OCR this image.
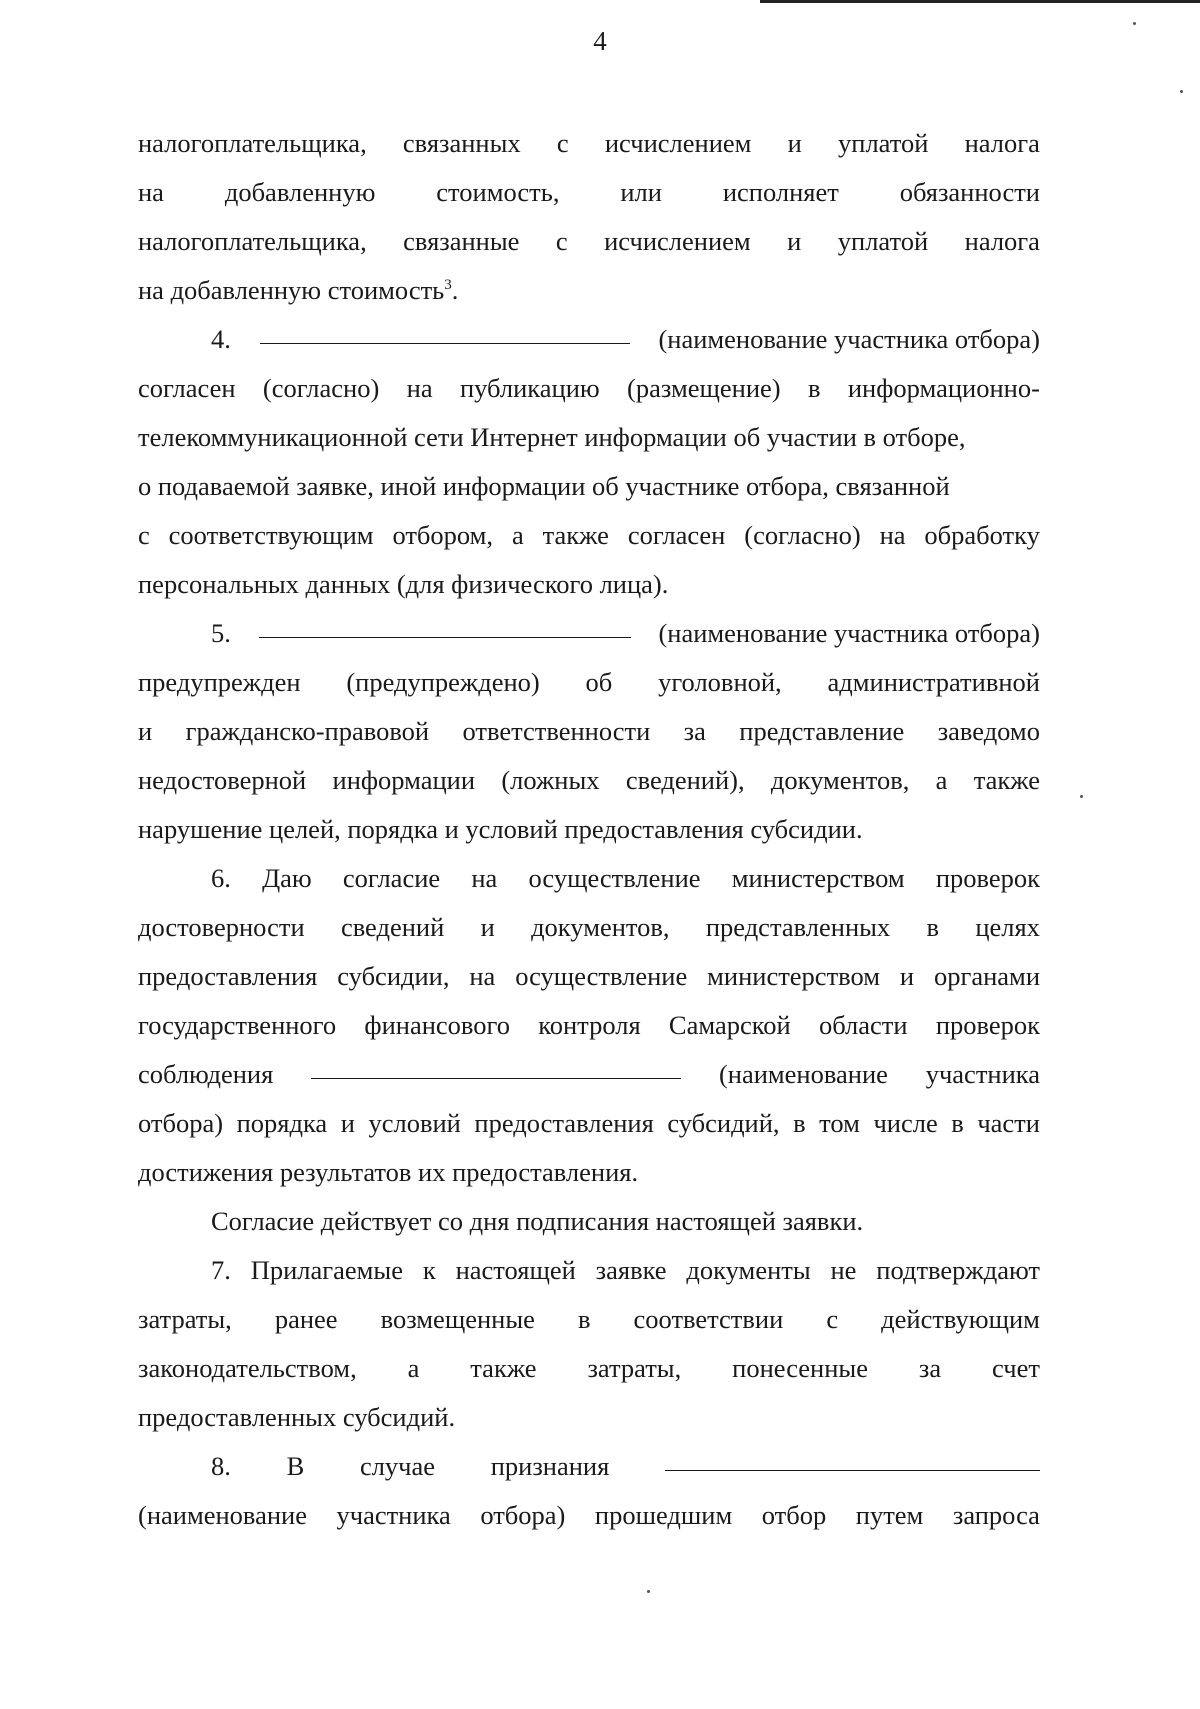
4
налогоплательщика, связанных с исчислением и уплатой налога
на добавленную стоимость, или исполняет обязанности
налогоплательщика, связанные с исчислением и уплатой налога
на добавленную стоимость$^3$.
4.	(наименование участника отбора)
согласен (согласно) на публикацию (размещение) в информационно-
телекоммуникационной сети Интернет информации об участии в отборе,
о подаваемой заявке, иной информации об участнике отбора, связанной
с соответствующим отбором, а также согласен (согласно) на обработку
персональных данных (для физического лица).
5.	(наименование участника отбора)
предупрежден (предупреждено) об уголовной, административной
и гражданско-правовой ответственности за представление заведомо
недостоверной информации (ложных сведений), документов, а также
нарушение целей, порядка и условий предоставления субсидии.
6. Даю согласие на осуществление министерством проверок
достоверности сведений и документов, представленных в целях
предоставления субсидии, на осуществление министерством и органами
государственного финансового контроля Самарской области проверок
соблюдения	(наименование участника
отбора) порядка и условий предоставления субсидий, в том числе в части
достижения результатов их предоставления.
Согласие действует со дня подписания настоящей заявки.
7. Прилагаемые к настоящей заявке документы не подтверждают
затраты, ранее возмещенные в соответствии с действующим
законодательством, а также затраты, понесенные за счет
предоставленных субсидий.
8. В случае признания
(наименование участника отбора) прошедшим отбор путем запроса
